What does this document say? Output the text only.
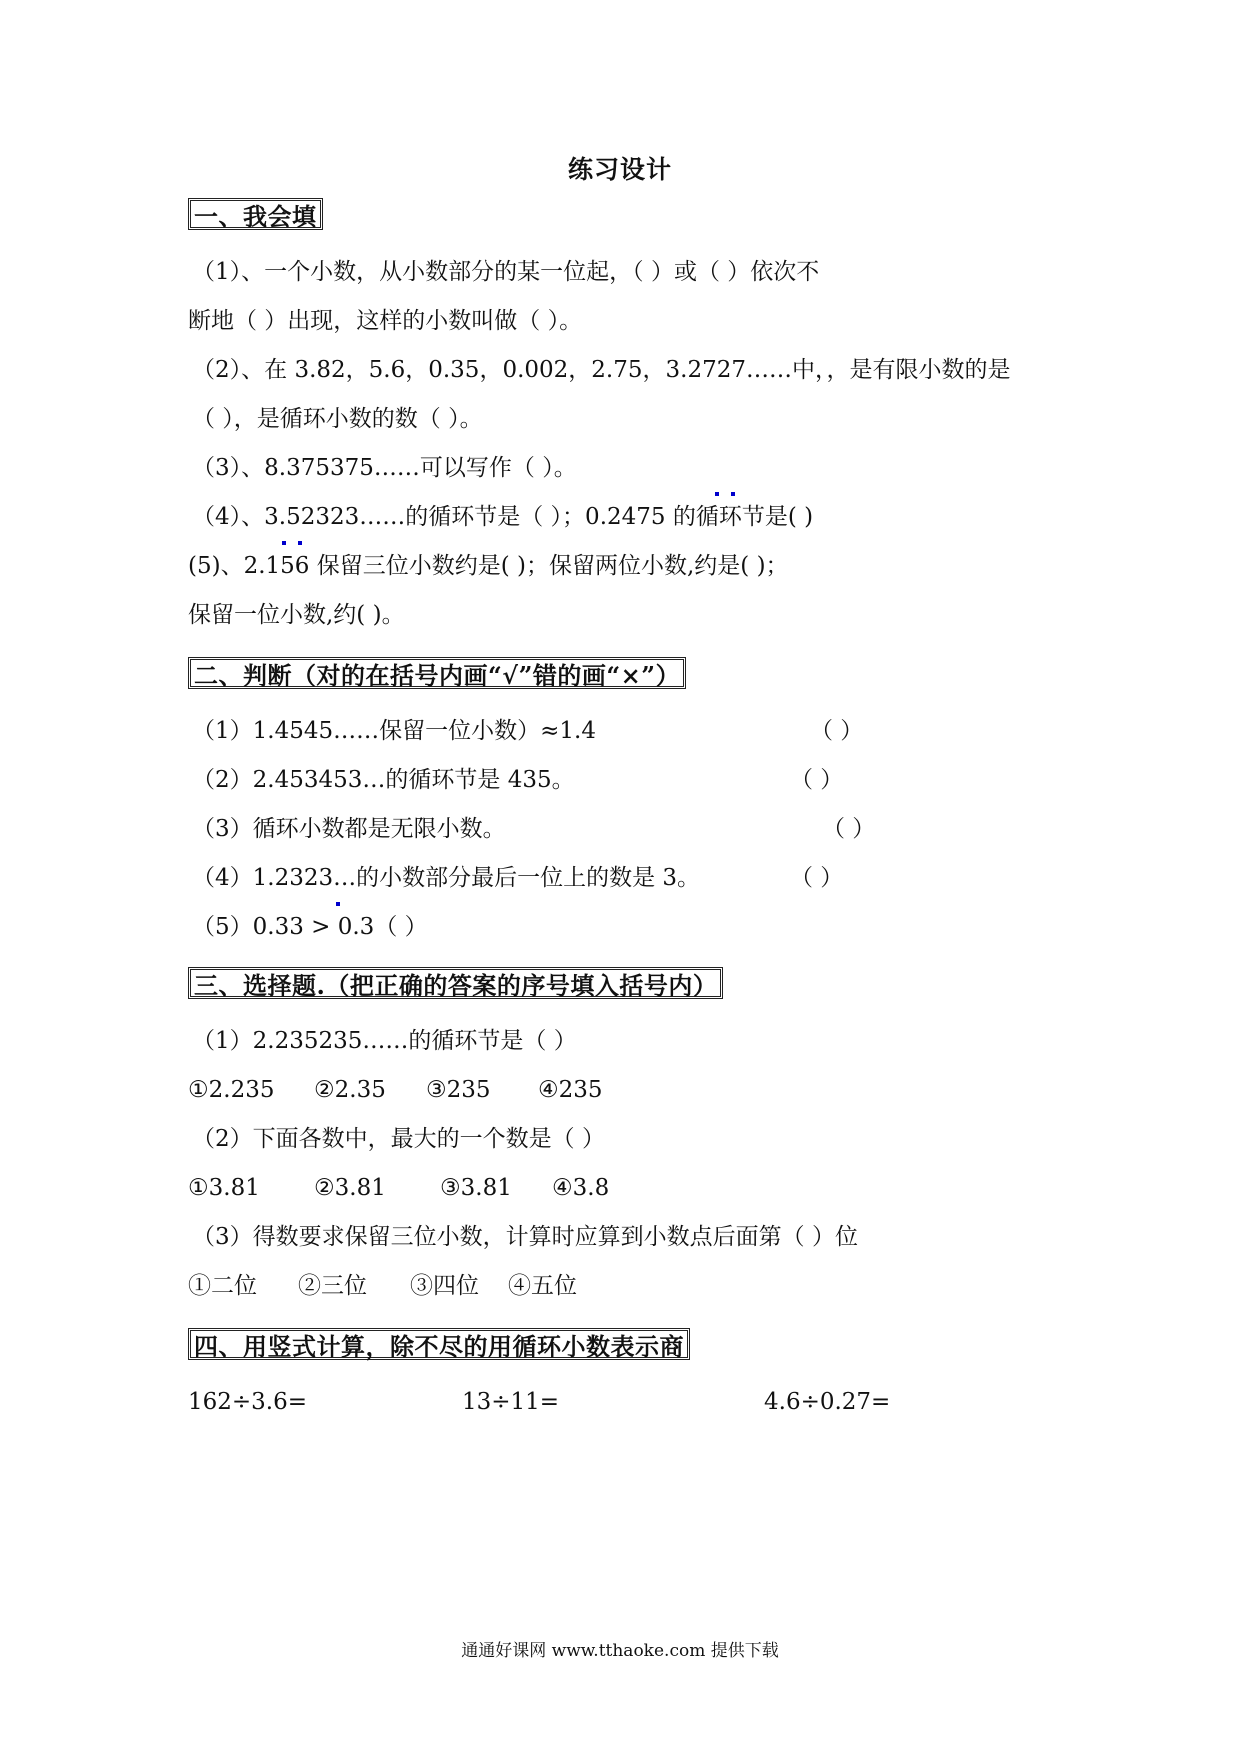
练习设计
一、我会填
（1）、一个小数，从小数部分的某一位起，（ ）或（ ）依次不
断地（ ）出现，这样的小数叫做（ ）。
（2）、在 3.82，5.6，0.35，0.002，2.75，3.2727……中，，是有限小数的是
（ ），是循环小数的数（ ）。
（3）、8.375375……可以写作（ ）。
（4）、3.52323……的循环节是（ ）；0.2475 的循环节是( )
(5)、2.156 保留三位小数约是( )；保留两位小数,约是( )；
保留一位小数,约( )。
二、判断（对的在括号内画“√”错的画“×”）
（1）1.4545……保留一位小数）≈1.4	（ ）
（2）2.453453…的循环节是 435。	（ ）
（3）循环小数都是无限小数。	（ ）
（4）1.2323…的小数部分最后一位上的数是 3。	（ ）
（5）0.33 > 0.3（ ）
三、选择题.（把正确的答案的序号填入括号内）
（1）2.235235……的循环节是（ ）
①2.235 ②2.35 ③235 ④235
（2）下面各数中，最大的一个数是（ ）
①3.81 ②3.81 ③3.81 ④3.8
（3）得数要求保留三位小数，计算时应算到小数点后面第（ ）位
①二位 ②三位 ③四位 ④五位
四、用竖式计算，除不尽的用循环小数表示商
162÷3.6=	13÷11=	4.6÷0.27=
通通好课网 www.tthaoke.com 提供下载
